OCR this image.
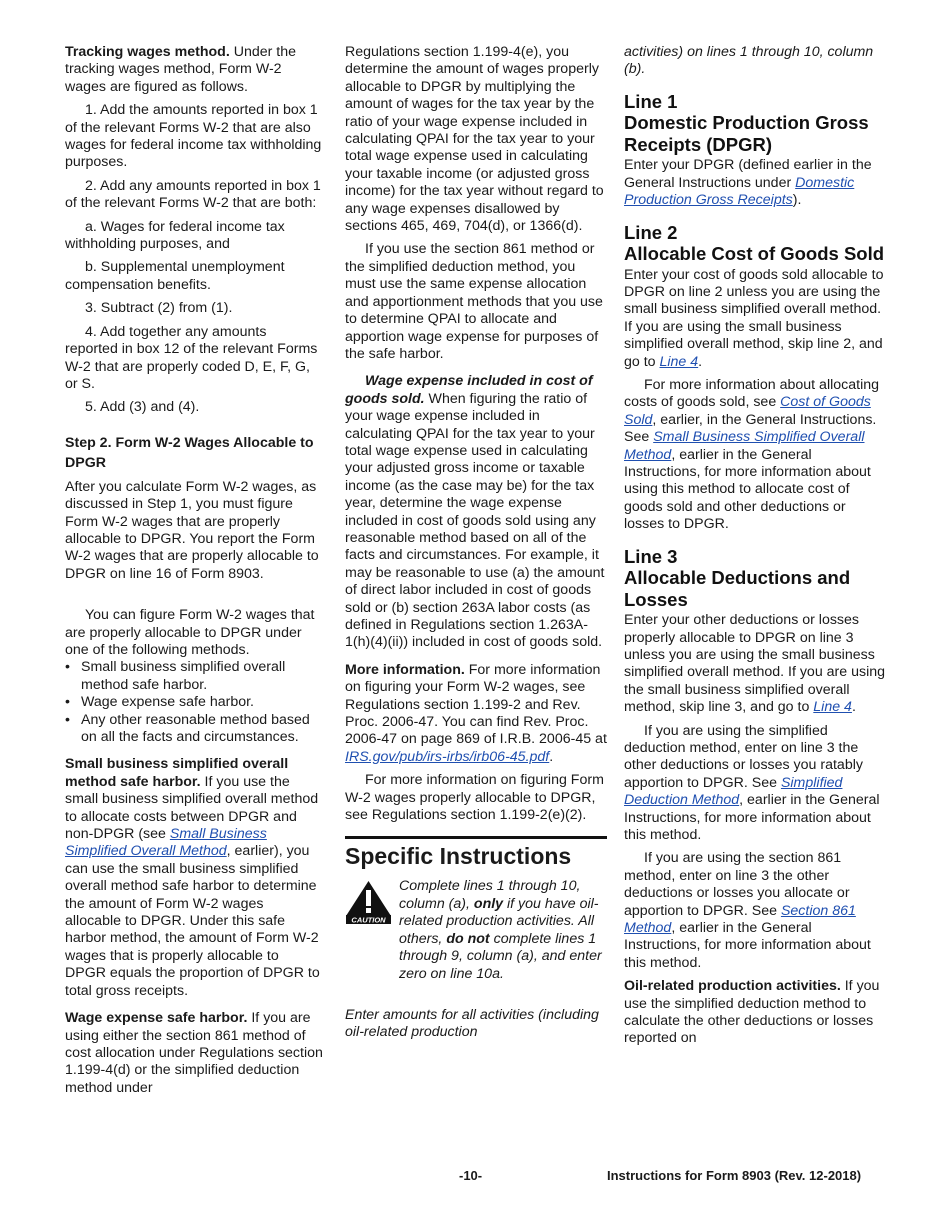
Tracking wages method. Under the tracking wages method, Form W-2 wages are figured as follows.

1. Add the amounts reported in box 1 of the relevant Forms W-2 that are also wages for federal income tax withholding purposes.

2. Add any amounts reported in box 1 of the relevant Forms W-2 that are both:

a. Wages for federal income tax withholding purposes, and

b. Supplemental unemployment compensation benefits.

3. Subtract (2) from (1).

4. Add together any amounts reported in box 12 of the relevant Forms W-2 that are properly coded D, E, F, G, or S.

5. Add (3) and (4).

Step 2. Form W-2 Wages Allocable to DPGR

After you calculate Form W-2 wages, as discussed in Step 1, you must figure Form W-2 wages that are properly allocable to DPGR. You report the Form W-2 wages that are properly allocable to DPGR on line 16 of Form 8903.

You can figure Form W-2 wages that are properly allocable to DPGR under one of the following methods.

• Small business simplified overall method safe harbor.

• Wage expense safe harbor.

• Any other reasonable method based on all the facts and circumstances.

Small business simplified overall method safe harbor. If you use the small business simplified overall method to allocate costs between DPGR and non-DPGR (see Small Business Simplified Overall Method, earlier), you can use the small business simplified overall method safe harbor to determine the amount of Form W-2 wages allocable to DPGR. Under this safe harbor method, the amount of Form W-2 wages that is properly allocable to DPGR equals the proportion of DPGR to total gross receipts.

Wage expense safe harbor. If you are using either the section 861 method of cost allocation under Regulations section 1.199-4(d) or the simplified deduction method under

Regulations section 1.199-4(e), you determine the amount of wages properly allocable to DPGR by multiplying the amount of wages for the tax year by the ratio of your wage expense included in calculating QPAI for the tax year to your total wage expense used in calculating your taxable income (or adjusted gross income) for the tax year without regard to any wage expenses disallowed by sections 465, 469, 704(d), or 1366(d).

If you use the section 861 method or the simplified deduction method, you must use the same expense allocation and apportionment methods that you use to determine QPAI to allocate and apportion wage expense for purposes of the safe harbor.

Wage expense included in cost of goods sold. When figuring the ratio of your wage expense included in calculating QPAI for the tax year to your total wage expense used in calculating your adjusted gross income or taxable income (as the case may be) for the tax year, determine the wage expense included in cost of goods sold using any reasonable method based on all of the facts and circumstances. For example, it may be reasonable to use (a) the amount of direct labor included in cost of goods sold or (b) section 263A labor costs (as defined in Regulations section 1.263A-1(h)(4)(ii)) included in cost of goods sold.

More information. For more information on figuring your Form W-2 wages, see Regulations section 1.199-2 and Rev. Proc. 2006-47. You can find Rev. Proc. 2006-47 on page 869 of I.R.B. 2006-45 at IRS.gov/pub/irs-irbs/irb06-45.pdf.

For more information on figuring Form W-2 wages properly allocable to DPGR, see Regulations section 1.199-2(e)(2).

Specific Instructions
CAUTION
Complete lines 1 through 10, column (a), only if you have oil-related production activities. All others, do not complete lines 1 through 9, column (a), and enter zero on line 10a.

Enter amounts for all activities (including oil-related production

activities) on lines 1 through 10, column (b).

Line 1
Domestic Production Gross Receipts (DPGR)

Enter your DPGR (defined earlier in the General Instructions under Domestic Production Gross Receipts).

Line 2
Allocable Cost of Goods Sold

Enter your cost of goods sold allocable to DPGR on line 2 unless you are using the small business simplified overall method. If you are using the small business simplified overall method, skip line 2, and go to Line 4.

For more information about allocating costs of goods sold, see Cost of Goods Sold, earlier, in the General Instructions. See Small Business Simplified Overall Method, earlier in the General Instructions, for more information about using this method to allocate cost of goods sold and other deductions or losses to DPGR.

Line 3
Allocable Deductions and Losses

Enter your other deductions or losses properly allocable to DPGR on line 3 unless you are using the small business simplified overall method. If you are using the small business simplified overall method, skip line 3, and go to Line 4.

If you are using the simplified deduction method, enter on line 3 the other deductions or losses you ratably apportion to DPGR. See Simplified Deduction Method, earlier in the General Instructions, for more information about this method.

If you are using the section 861 method, enter on line 3 the other deductions or losses you allocate or apportion to DPGR. See Section 861 Method, earlier in the General Instructions, for more information about this method.

Oil-related production activities. If you use the simplified deduction method to calculate the other deductions or losses reported on

-10-	Instructions for Form 8903 (Rev. 12-2018)
